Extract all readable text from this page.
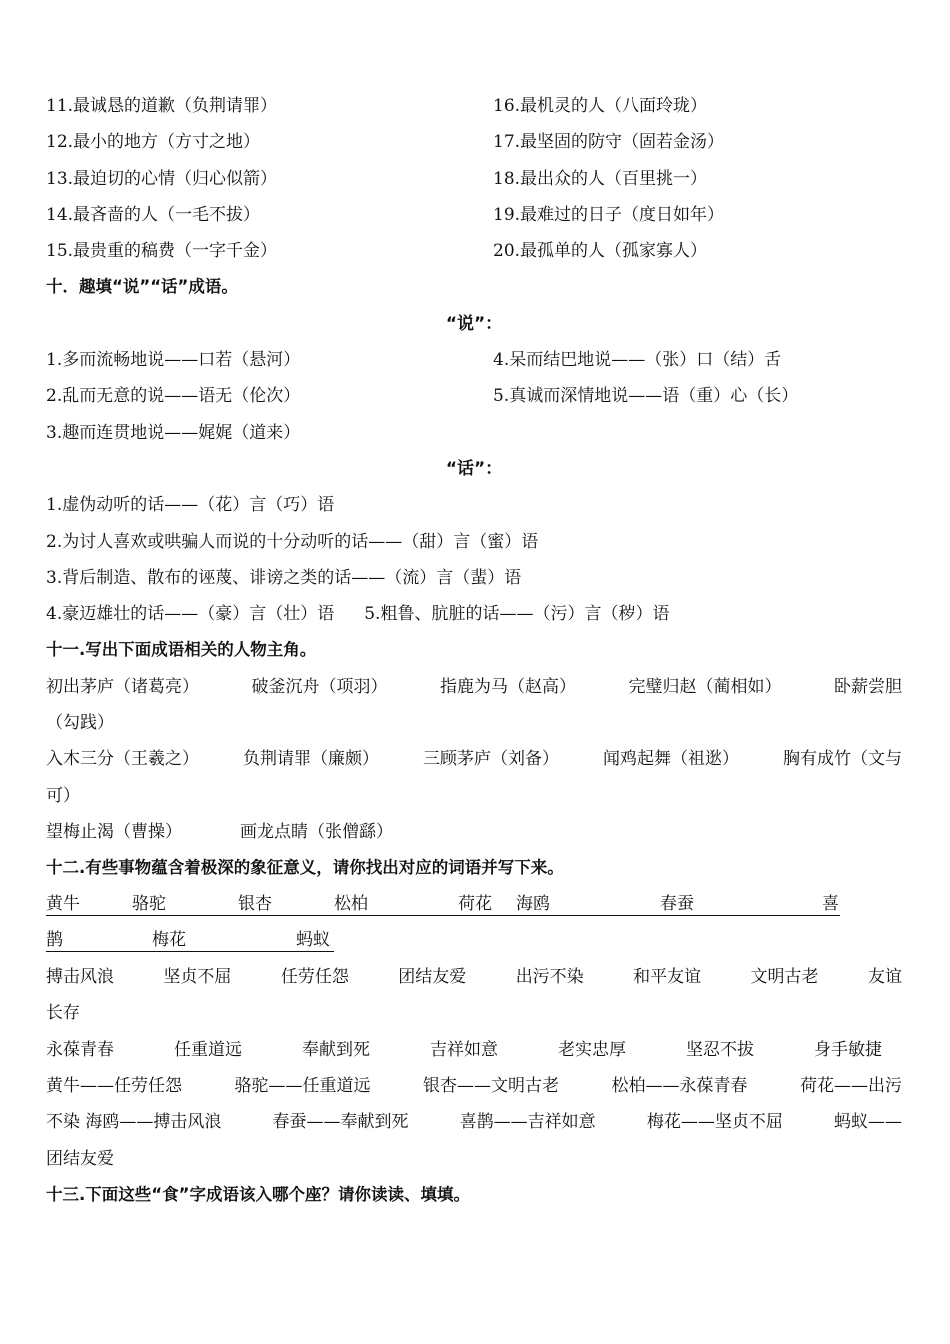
11.最诚恳的道歉（负荆请罪）	16.最机灵的人（八面玲珑）
12.最小的地方（方寸之地）	17.最坚固的防守（固若金汤）
13.最迫切的心情（归心似箭）	18.最出众的人（百里挑一）
14.最吝啬的人（一毛不拔）	19.最难过的日子（度日如年）
15.最贵重的稿费（一字千金）	20.最孤单的人（孤家寡人）
十．趣填“说”“话”成语。
“说”：
1.多而流畅地说——口若（悬河）	4.呆而结巴地说——（张）口（结）舌
2.乱而无意的说——语无（伦次）	5.真诚而深情地说——语（重）心（长）
3.趣而连贯地说——娓娓（道来）
“话”：
1.虚伪动听的话——（花）言（巧）语
2.为讨人喜欢或哄骗人而说的十分动听的话——（甜）言（蜜）语
3.背后制造、散布的诬蔑、诽谤之类的话——（流）言（蜚）语
4.豪迈雄壮的话——（豪）言（壮）语 5.粗鲁、肮脏的话——（污）言（秽）语
十一.写出下面成语相关的人物主角。
初出茅庐（诸葛亮）	破釜沉舟（项羽）	指鹿为马（赵高）	完璧归赵（蔺相如）	卧薪尝胆
（勾践）
入木三分（王羲之）	负荆请罪（廉颇）	三顾茅庐（刘备）	闻鸡起舞（祖逖）	胸有成竹（文与
可）
望梅止渴（曹操）	画龙点睛（张僧繇）
十二.有些事物蕴含着极深的象征意义，请你找出对应的词语并写下来。
黄牛	骆驼	银杏	松柏	荷花 海鸥	春蚕	喜
鹊	梅花	蚂蚁
搏击风浪	坚贞不屈	任劳任怨	团结友爱	出污不染	和平友谊	文明古老	友谊
长存
永葆青春	任重道远	奉献到死	吉祥如意	老实忠厚	坚忍不拔	身手敏捷
黄牛——任劳任怨	骆驼——任重道远	银杏——文明古老	松柏——永葆青春	荷花——出污
不染 海鸥——搏击风浪	春蚕——奉献到死	喜鹊——吉祥如意	梅花——坚贞不屈	蚂蚁——
团结友爱
十三.下面这些“食”字成语该入哪个座？请你读读、填填。
